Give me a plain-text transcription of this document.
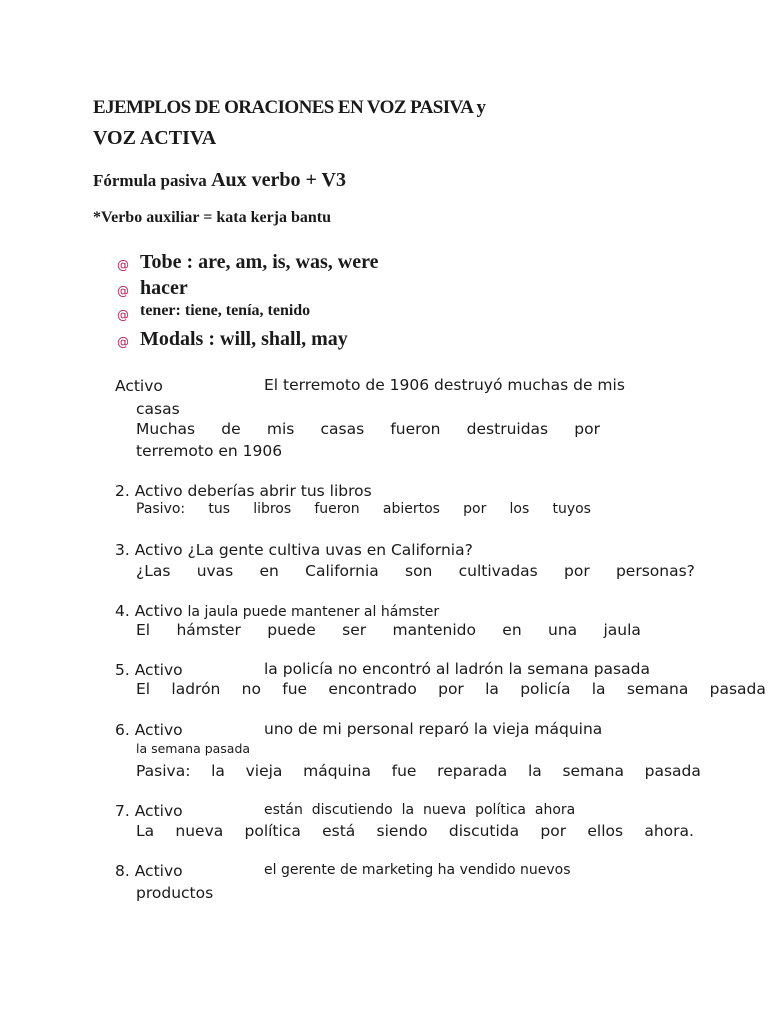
EJEMPLOS DE ORACIONES EN VOZ PASIVA y
VOZ ACTIVA
Fórmula pasiva Aux verbo + V3
*Verbo auxiliar = kata kerja bantu
@ Tobe : are, am, is, was, were
@ hacer
@ tener: tiene, tenía, tenido
@ Modals : will, shall, may
Activo	El terremoto de 1906 destruyó muchas de mis
casas
Muchas de mis casas fueron destruidas por
terremoto en 1906
2. Activo deberías abrir tus libros
Pasivo: tus libros fueron abiertos por los tuyos
3. Activo ¿La gente cultiva uvas en California?
¿Las uvas en California son cultivadas por personas?
4. Activo la jaula puede mantener al hámster
El hámster puede ser mantenido en una jaula
5. Activo	la policía no encontró al ladrón la semana pasada
El ladrón no fue encontrado por la policía la semana pasada
6. Activo	uno de mi personal reparó la vieja máquina
la semana pasada
Pasiva: la vieja máquina fue reparada la semana pasada
7. Activo	están  discutiendo  la  nueva  política  ahora
La nueva política está siendo discutida por ellos ahora.
8. Activo	el gerente de marketing ha vendido nuevos
productos
